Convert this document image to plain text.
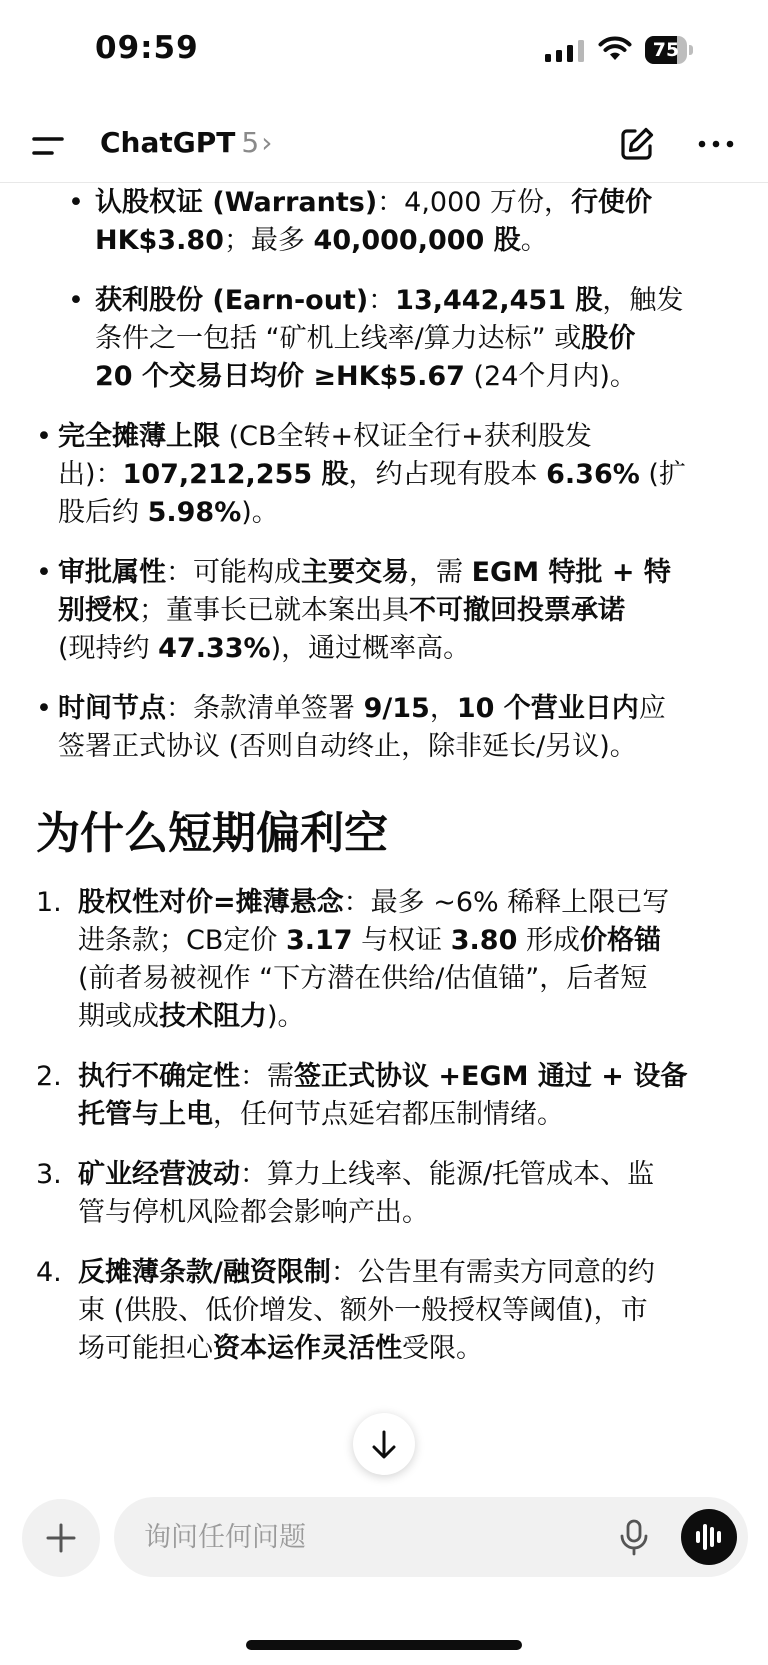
09:59	75
ChatGPT 5›
• 认股权证 (Warrants)：4,000 万份，行使价
HK$3.80；最多 40,000,000 股。
• 获利股份 (Earn-out)：13,442,451 股，触发
条件之一包括 “矿机上线率/算力达标” 或股价
20 个交易日均价 ≥HK$5.67 (24个月内)。
• 完全摊薄上限 (CB全转+权证全行+获利股发
出)：107,212,255 股，约占现有股本 6.36% (扩
股后约 5.98%)。
• 审批属性：可能构成主要交易，需 EGM 特批 + 特
别授权；董事长已就本案出具不可撤回投票承诺
(现持约 47.33%)，通过概率高。
• 时间节点：条款清单签署 9/15，10 个营业日内应
签署正式协议 (否则自动终止，除非延长/另议)。
为什么短期偏利空
1. 股权性对价=摊薄悬念：最多 ~6% 稀释上限已写
进条款；CB定价 3.17 与权证 3.80 形成价格锚
(前者易被视作 “下方潜在供给/估值锚”，后者短
期或成技术阻力)。
2. 执行不确定性：需签正式协议 +EGM 通过 + 设备
托管与上电，任何节点延宕都压制情绪。
3. 矿业经营波动：算力上线率、能源/托管成本、监
管与停机风险都会影响产出。
4. 反摊薄条款/融资限制：公告里有需卖方同意的约
束 (供股、低价增发、额外一般授权等阈值)，市
场可能担心资本运作灵活性受限。
询问任何问题
